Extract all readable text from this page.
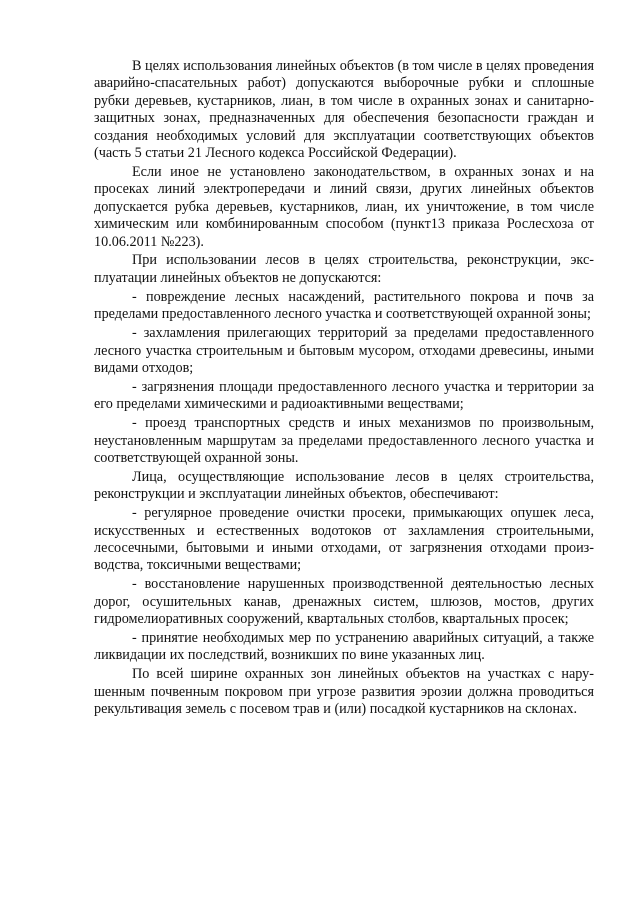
В целях использования линейных объектов (в том числе в целях проведения аварийно-спасательных работ) допускаются выборочные рубки и сплошные рубки деревьев, кустарников, лиан, в том числе в охранных зонах и санитарно-защитных зонах, предназначенных для обеспечения безопасности граждан и создания необходимых условий для эксплуатации соответствующих объектов (часть 5 статьи 21 Лесного кодекса Российской Федерации).

Если иное не установлено законодательством, в охранных зонах и на просеках линий электропередачи и линий связи, других линейных объектов допускается рубка деревьев, кустарников, лиан, их уничтожение, в том числе химическим или комбинированным способом (пункт13 приказа Рослесхоза от 10.06.2011 №223).

При использовании лесов в целях строительства, реконструкции, эксплуатации линейных объектов не допускаются:

- повреждение лесных насаждений, растительного покрова и почв за пределами предоставленного лесного участка и соответствующей охранной зоны;

- захламления прилегающих территорий за пределами предоставленного лесного участка строительным и бытовым мусором, отходами древесины, иными видами отходов;

- загрязнения площади предоставленного лесного участка и территории за его пределами химическими и радиоактивными веществами;

- проезд транспортных средств и иных механизмов по произвольным, неустановленным маршрутам за пределами предоставленного лесного участка и соответствующей охранной зоны.

Лица, осуществляющие использование лесов в целях строительства, реконструкции и эксплуатации линейных объектов, обеспечивают:

- регулярное проведение очистки просеки, примыкающих опушек леса, искусственных и естественных водотоков от захламления строительными, лесосечными, бытовыми и иными отходами, от загрязнения отходами производства, токсичными веществами;

- восстановление нарушенных производственной деятельностью лесных дорог, осушительных канав, дренажных систем, шлюзов, мостов, других гидромелиоративных сооружений, квартальных столбов, квартальных просек;

- принятие необходимых мер по устранению аварийных ситуаций, а также ликвидации их последствий, возникших по вине указанных лиц.

По всей ширине охранных зон линейных объектов на участках с нарушенным почвенным покровом при угрозе развития эрозии должна проводиться рекультивация земель с посевом трав и (или) посадкой кустарников на склонах.
